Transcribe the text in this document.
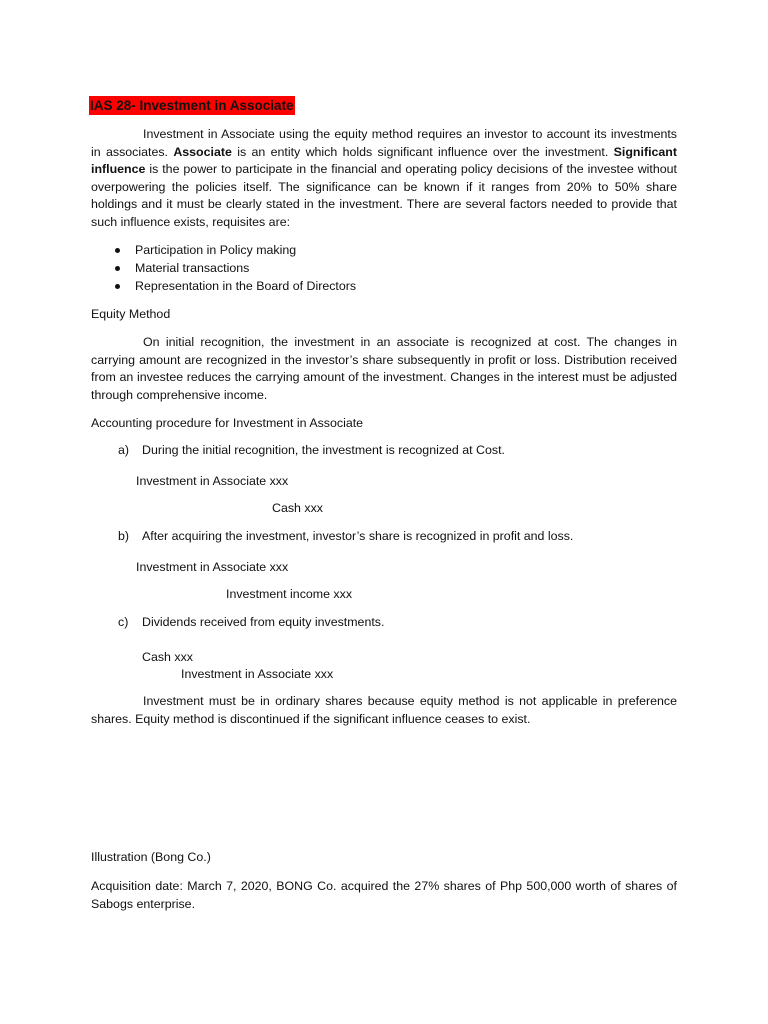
IAS 28- Investment in Associate
Investment in Associate using the equity method requires an investor to account its investments in associates. Associate is an entity which holds significant influence over the investment. Significant influence is the power to participate in the financial and operating policy decisions of the investee without overpowering the policies itself. The significance can be known if it ranges from 20% to 50% share holdings and it must be clearly stated in the investment. There are several factors needed to provide that such influence exists, requisites are:
Participation in Policy making
Material transactions
Representation in the Board of Directors
Equity Method
On initial recognition, the investment in an associate is recognized at cost. The changes in carrying amount are recognized in the investor’s share subsequently in profit or loss. Distribution received from an investee reduces the carrying amount of the investment. Changes in the interest must be adjusted through comprehensive income.
Accounting procedure for Investment in Associate
a) During the initial recognition, the investment is recognized at Cost.
Investment in Associate xxx
Cash xxx
b) After acquiring the investment, investor’s share is recognized in profit and loss.
Investment in Associate xxx
Investment income xxx
c) Dividends received from equity investments.
Cash xxx
Investment in Associate xxx
Investment must be in ordinary shares because equity method is not applicable in preference shares. Equity method is discontinued if the significant influence ceases to exist.
Illustration (Bong Co.)
Acquisition date: March 7, 2020, BONG Co. acquired the 27% shares of Php 500,000 worth of shares of Sabogs enterprise.
